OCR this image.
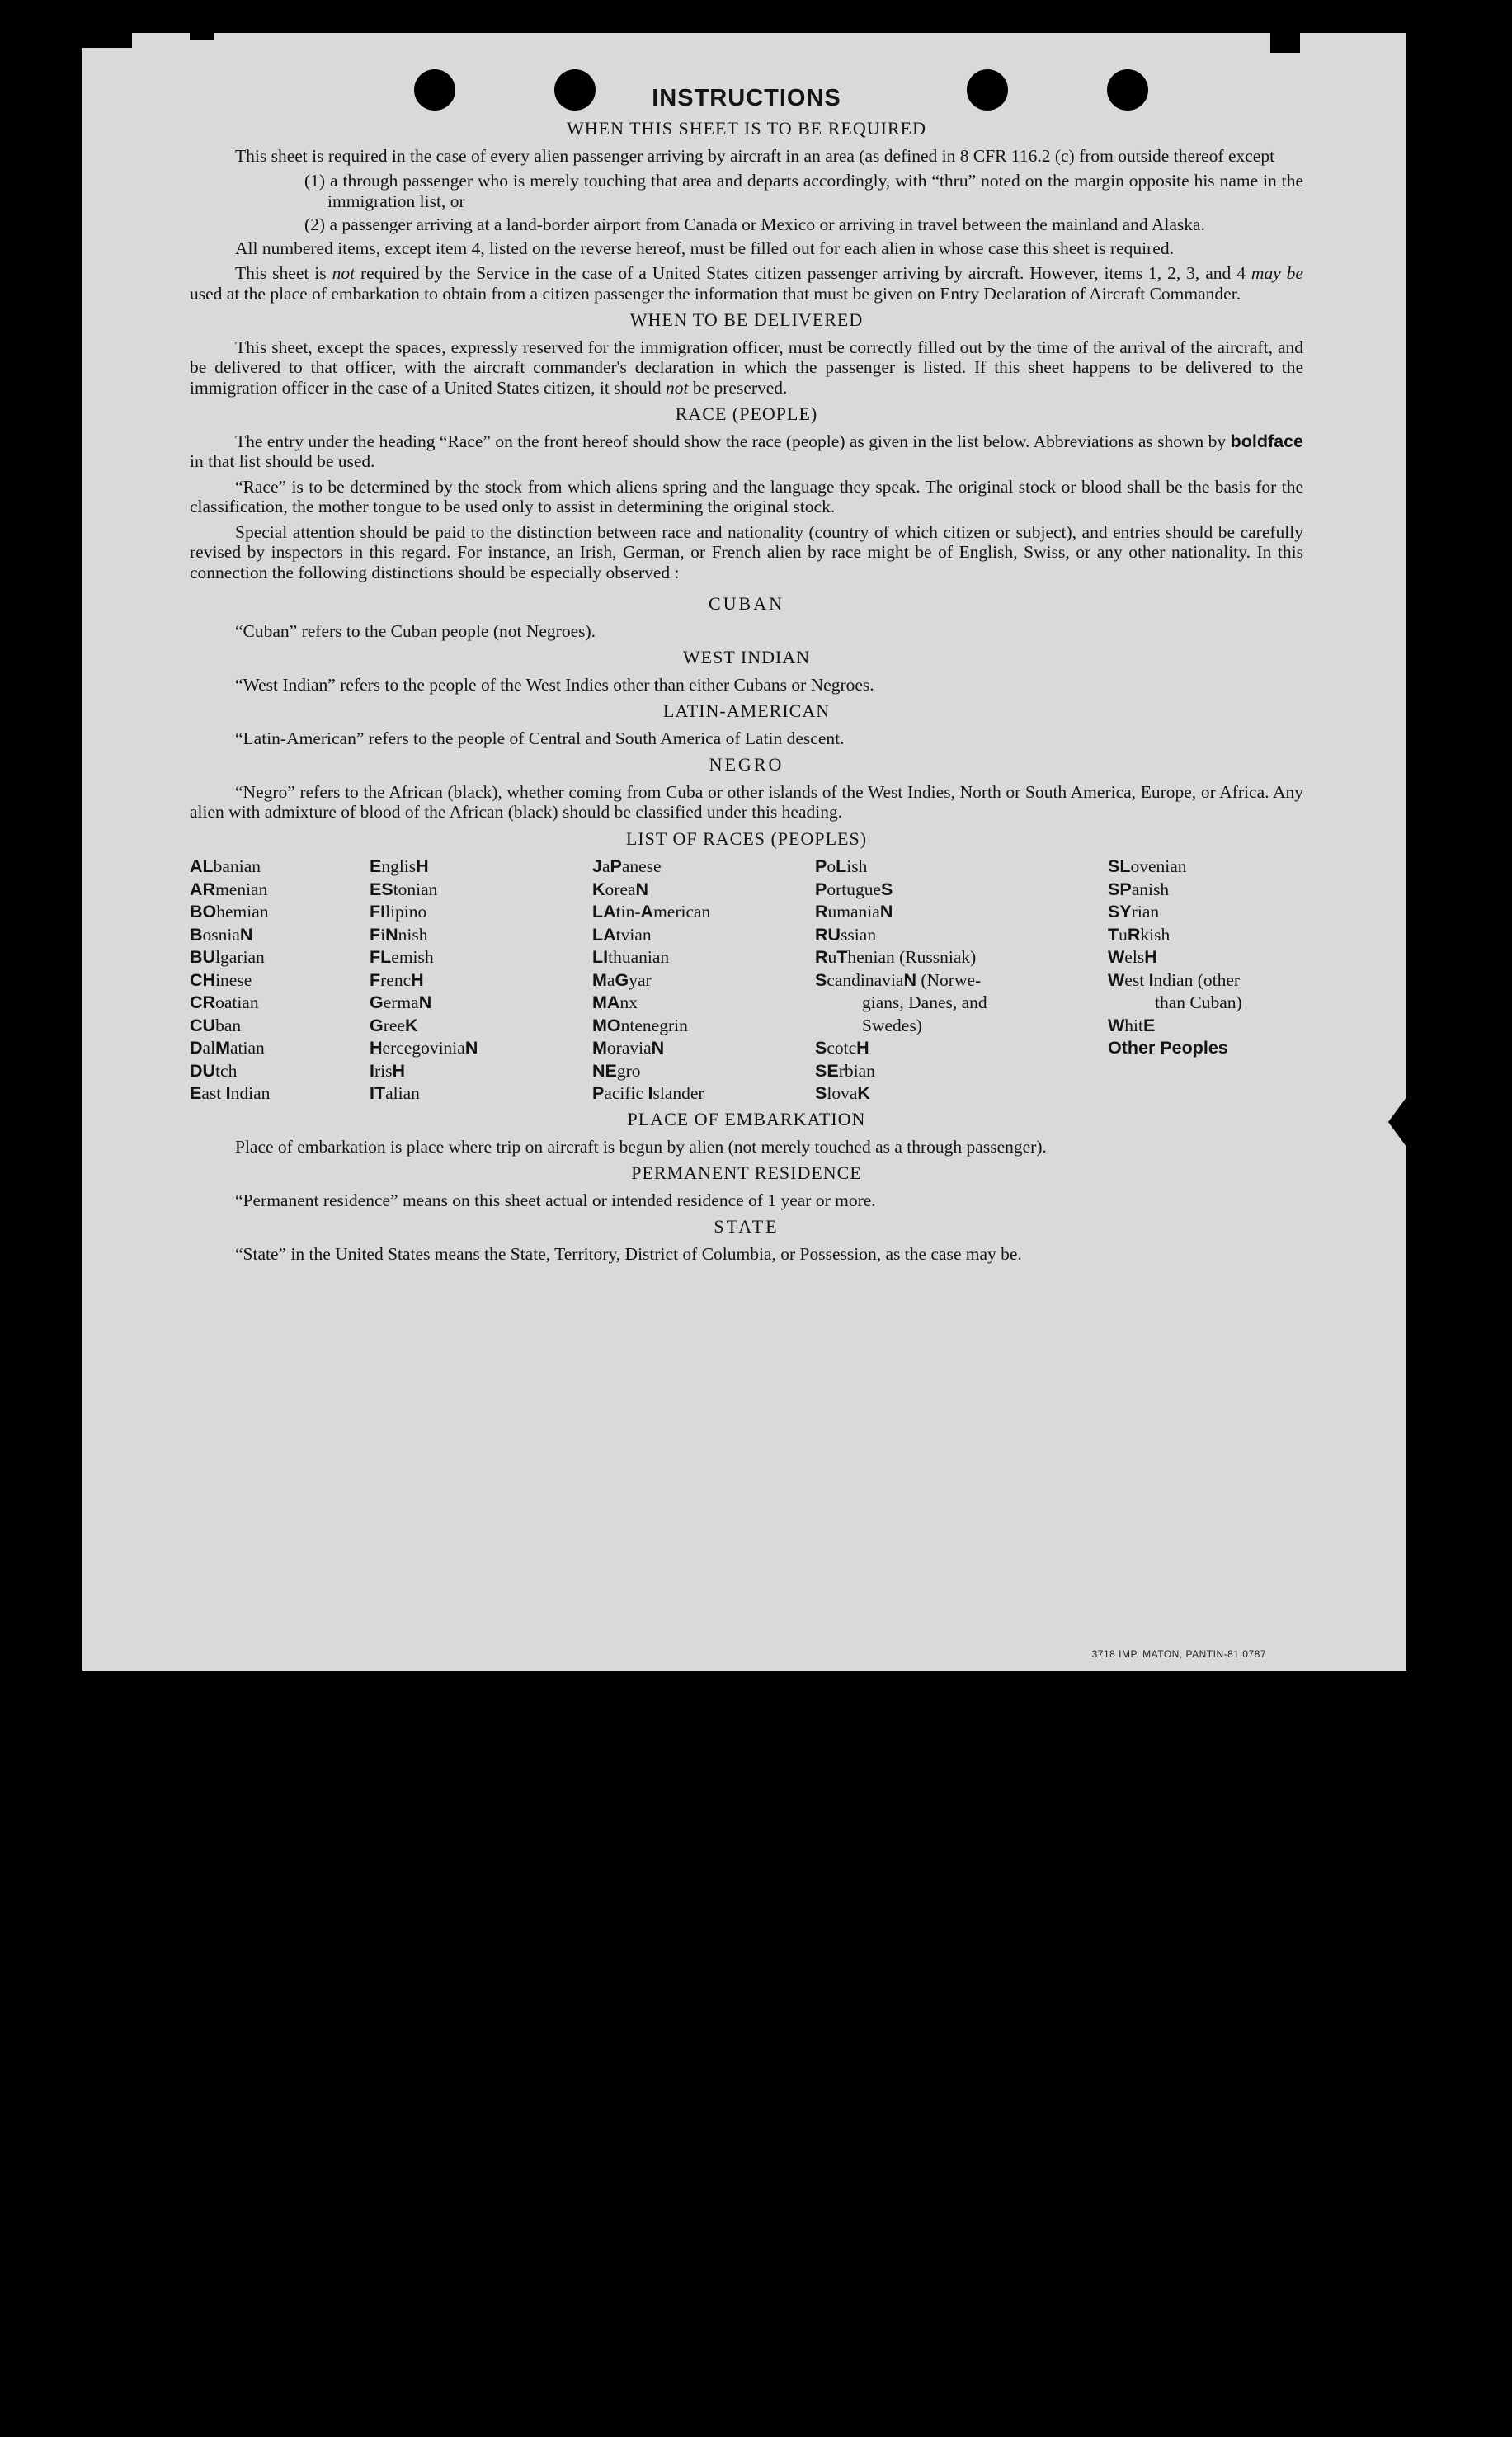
INSTRUCTIONS
WHEN THIS SHEET IS TO BE REQUIRED

This sheet is required in the case of every alien passenger arriving by aircraft in an area (as defined in 8 CFR 116.2 (c) from outside thereof except

(1) a through passenger who is merely touching that area and departs accordingly, with “thru” noted on the margin opposite his name in the immigration list, or
(2) a passenger arriving at a land-border airport from Canada or Mexico or arriving in travel between the mainland and Alaska.

All numbered items, except item 4, listed on the reverse hereof, must be filled out for each alien in whose case this sheet is required.

This sheet is not required by the Service in the case of a United States citizen passenger arriving by aircraft. However, items 1, 2, 3, and 4 may be used at the place of embarkation to obtain from a citizen passenger the information that must be given on Entry Declaration of Aircraft Commander.

WHEN TO BE DELIVERED

This sheet, except the spaces, expressly reserved for the immigration officer, must be correctly filled out by the time of the arrival of the aircraft, and be delivered to that officer, with the aircraft commander's declaration in which the passenger is listed. If this sheet happens to be delivered to the immigration officer in the case of a United States citizen, it should not be preserved.

RACE (PEOPLE)

The entry under the heading “Race” on the front hereof should show the race (people) as given in the list below. Abbreviations as shown by boldface in that list should be used.

“Race” is to be determined by the stock from which aliens spring and the language they speak. The original stock or blood shall be the basis for the classification, the mother tongue to be used only to assist in determining the original stock.

Special attention should be paid to the distinction between race and nationality (country of which citizen or subject), and entries should be carefully revised by inspectors in this regard. For instance, an Irish, German, or French alien by race might be of English, Swiss, or any other nationality. In this connection the following distinctions should be especially observed :

CUBAN

“Cuban” refers to the Cuban people (not Negroes).

WEST INDIAN

“West Indian” refers to the people of the West Indies other than either Cubans or Negroes.

LATIN-AMERICAN

“Latin-American” refers to the people of Central and South America of Latin descent.

NEGRO

“Negro” refers to the African (black), whether coming from Cuba or other islands of the West Indies, North or South America, Europe, or Africa. Any alien with admixture of blood of the African (black) should be classified under this heading.

LIST OF RACES (PEOPLES)
ALbanian
ARmenian
BOhemian
BosniaN
BUlgarian
CHinese
CRoatian
CUban
DalMatian
DUtch
East Indian
EnglisH
EStonian
FIlipino
FiNnish
FLemish
FrencH
GermaN
GreeK
HercegoviniaN
IrisH
ITalian
JaPanese
KoreaN
LAtin-American
LAtvian
LIthuanian
MaGyar
MAnx
MOntenegrin
MoraviaN
NEgro
Pacific Islander
PoLish
PortugueS
RumaniaN
RUssian
RuThenian (Russniak)
ScandinaviaN (Norwe-
gians, Danes, and
Swedes)
ScotcH
SErbian
SlovaK
SLovenian
SPanish
SYrian
TuRkish
WelsH
West Indian (other
than Cuban)
WhitE
Other Peoples
PLACE OF EMBARKATION

Place of embarkation is place where trip on aircraft is begun by alien (not merely touched as a through passenger).

PERMANENT RESIDENCE

“Permanent residence” means on this sheet actual or intended residence of 1 year or more.

STATE

“State” in the United States means the State, Territory, District of Columbia, or Possession, as the case may be.

3718 IMP. MATON, PANTIN-81.0787
